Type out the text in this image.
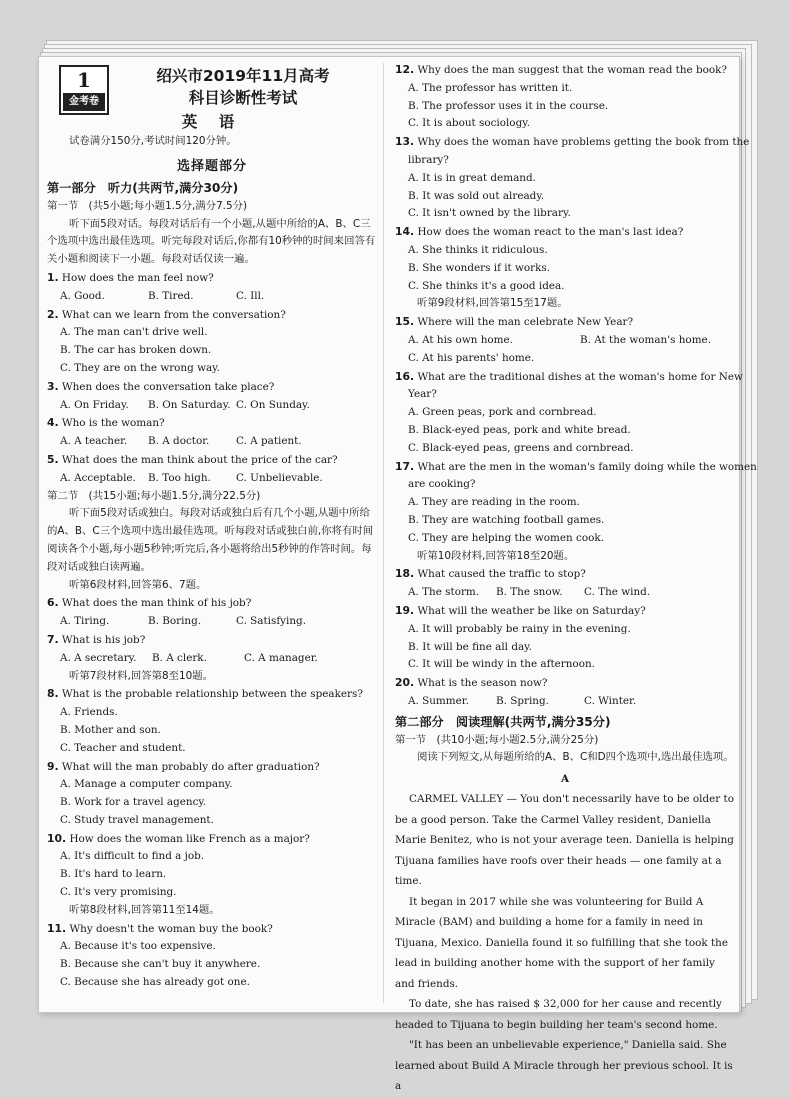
1
金考卷

绍兴市2019年11月高考

科目诊断性考试

英 语

试卷满分150分,考试时间120分钟。

选择题部分

第一部分　听力(共两节,满分30分)

第一节　(共5小题;每小题1.5分,满分7.5分)

听下面5段对话。每段对话后有一个小题,从题中所给的A、B、C三个选项中选出最佳选项。听完每段对话后,你都有10秒钟的时间来回答有关小题和阅读下一小题。每段对话仅读一遍。

1. How does the man feel now?

A. Good.	B. Tired.	C. Ill.

2. What can we learn from the conversation?

A. The man can't drive well.

B. The car has broken down.

C. They are on the wrong way.

3. When does the conversation take place?

A. On Friday. B. On Saturday. C. On Sunday.

4. Who is the woman?

A. A teacher. B. A doctor.	C. A patient.

5. What does the man think about the price of the car?

A. Acceptable. B. Too high. C. Unbelievable.

第二节　(共15小题;每小题1.5分,满分22.5分)

听下面5段对话或独白。每段对话或独白后有几个小题,从题中所给的A、B、C三个选项中选出最佳选项。听每段对话或独白前,你将有时间阅读各个小题,每小题5秒钟;听完后,各小题将给出5秒钟的作答时间。每段对话或独白读两遍。

听第6段材料,回答第6、7题。

6. What does the man think of his job?

A. Tiring.	B. Boring.	C. Satisfying.

7. What is his job?

A. A secretary. B. A clerk.	C. A manager.

听第7段材料,回答第8至10题。

8. What is the probable relationship between the speakers?

A. Friends.

B. Mother and son.

C. Teacher and student.

9. What will the man probably do after graduation?

A. Manage a computer company.

B. Work for a travel agency.

C. Study travel management.

10. How does the woman like French as a major?

A. It's difficult to find a job.

B. It's hard to learn.

C. It's very promising.

听第8段材料,回答第11至14题。

11. Why doesn't the woman buy the book?

A. Because it's too expensive.

B. Because she can't buy it anywhere.

C. Because she has already got one.

12. Why does the man suggest that the woman read the book?

A. The professor has written it.

B. The professor uses it in the course.

C. It is about sociology.

13. Why does the woman have problems getting the book from the

library?

A. It is in great demand.

B. It was sold out already.

C. It isn't owned by the library.

14. How does the woman react to the man's last idea?

A. She thinks it ridiculous.

B. She wonders if it works.

C. She thinks it's a good idea.

听第9段材料,回答第15至17题。

15. Where will the man celebrate New Year?

A. At his own home.	B. At the woman's home.

C. At his parents' home.

16. What are the traditional dishes at the woman's home for New

Year?

A. Green peas, pork and cornbread.

B. Black-eyed peas, pork and white bread.

C. Black-eyed peas, greens and cornbread.

17. What are the men in the woman's family doing while the women

are cooking?

A. They are reading in the room.

B. They are watching football games.

C. They are helping the women cook.

听第10段材料,回答第18至20题。

18. What caused the traffic to stop?

A. The storm. B. The snow. C. The wind.

19. What will the weather be like on Saturday?

A. It will probably be rainy in the evening.

B. It will be fine all day.

C. It will be windy in the afternoon.

20. What is the season now?

A. Summer.	B. Spring.	C. Winter.

第二部分　阅读理解(共两节,满分35分)

第一节　(共10小题;每小题2.5分,满分25分)

阅读下列短文,从每题所给的A、B、C和D四个选项中,选出最佳选项。

A

CARMEL VALLEY — You don't necessarily have to be older to be a good person. Take the Carmel Valley resident, Daniella Marie Benitez, who is not your average teen. Daniella is helping Tijuana families have roofs over their heads — one family at a time.

It began in 2017 while she was volunteering for Build A Miracle (BAM) and building a home for a family in need in Tijuana, Mexico. Daniella found it so fulfilling that she took the lead in building another home with the support of her family and friends.

To date, she has raised $ 32,000 for her cause and recently headed to Tijuana to begin building her team's second home.

"It has been an unbelievable experience," Daniella said. She learned about Build A Miracle through her previous school. It is a
